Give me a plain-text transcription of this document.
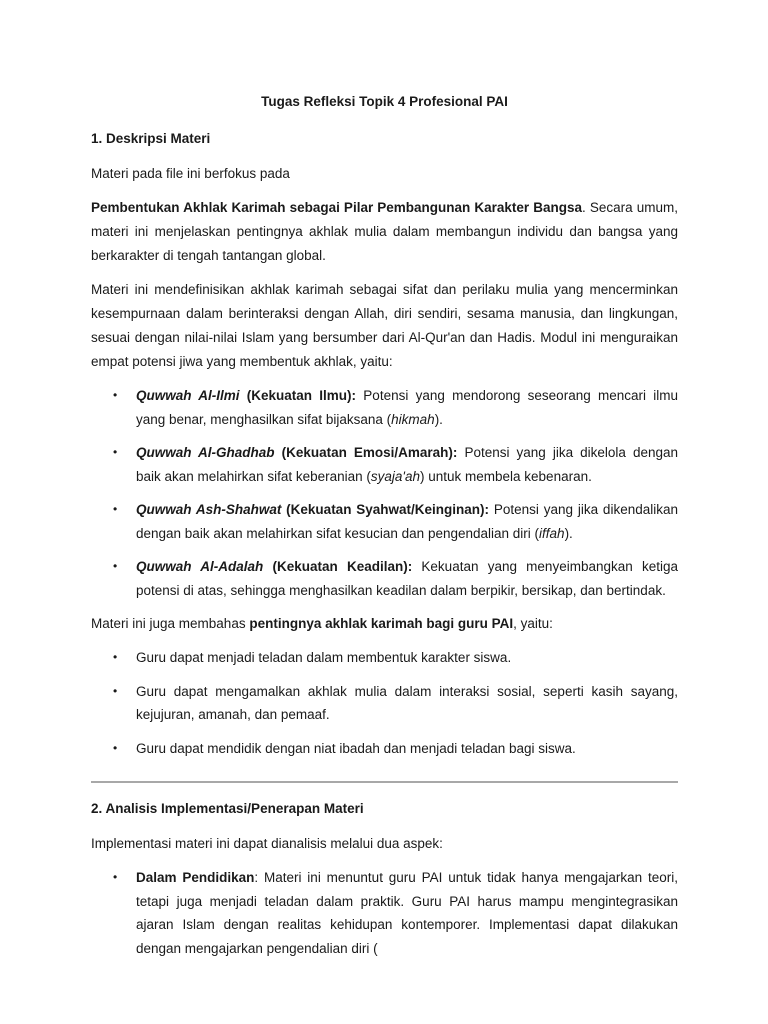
Tugas Refleksi Topik 4 Profesional PAI
1. Deskripsi Materi

Materi pada file ini berfokus pada

Pembentukan Akhlak Karimah sebagai Pilar Pembangunan Karakter Bangsa. Secara umum, materi ini menjelaskan pentingnya akhlak mulia dalam membangun individu dan bangsa yang berkarakter di tengah tantangan global.

Materi ini mendefinisikan akhlak karimah sebagai sifat dan perilaku mulia yang mencerminkan kesempurnaan dalam berinteraksi dengan Allah, diri sendiri, sesama manusia, dan lingkungan, sesuai dengan nilai-nilai Islam yang bersumber dari Al-Qur'an dan Hadis. Modul ini menguraikan empat potensi jiwa yang membentuk akhlak, yaitu:

• Quwwah Al-Ilmi (Kekuatan Ilmu): Potensi yang mendorong seseorang mencari ilmu yang benar, menghasilkan sifat bijaksana (hikmah).
• Quwwah Al-Ghadhab (Kekuatan Emosi/Amarah): Potensi yang jika dikelola dengan baik akan melahirkan sifat keberanian (syaja'ah) untuk membela kebenaran.
• Quwwah Ash-Shahwat (Kekuatan Syahwat/Keinginan): Potensi yang jika dikendalikan dengan baik akan melahirkan sifat kesucian dan pengendalian diri (iffah).
• Quwwah Al-Adalah (Kekuatan Keadilan): Kekuatan yang menyeimbangkan ketiga potensi di atas, sehingga menghasilkan keadilan dalam berpikir, bersikap, dan bertindak.

Materi ini juga membahas pentingnya akhlak karimah bagi guru PAI, yaitu:

• Guru dapat menjadi teladan dalam membentuk karakter siswa.
• Guru dapat mengamalkan akhlak mulia dalam interaksi sosial, seperti kasih sayang, kejujuran, amanah, dan pemaaf.
• Guru dapat mendidik dengan niat ibadah dan menjadi teladan bagi siswa.
2. Analisis Implementasi/Penerapan Materi

Implementasi materi ini dapat dianalisis melalui dua aspek:

• Dalam Pendidikan: Materi ini menuntut guru PAI untuk tidak hanya mengajarkan teori, tetapi juga menjadi teladan dalam praktik. Guru PAI harus mampu mengintegrasikan ajaran Islam dengan realitas kehidupan kontemporer. Implementasi dapat dilakukan dengan mengajarkan pengendalian diri (
